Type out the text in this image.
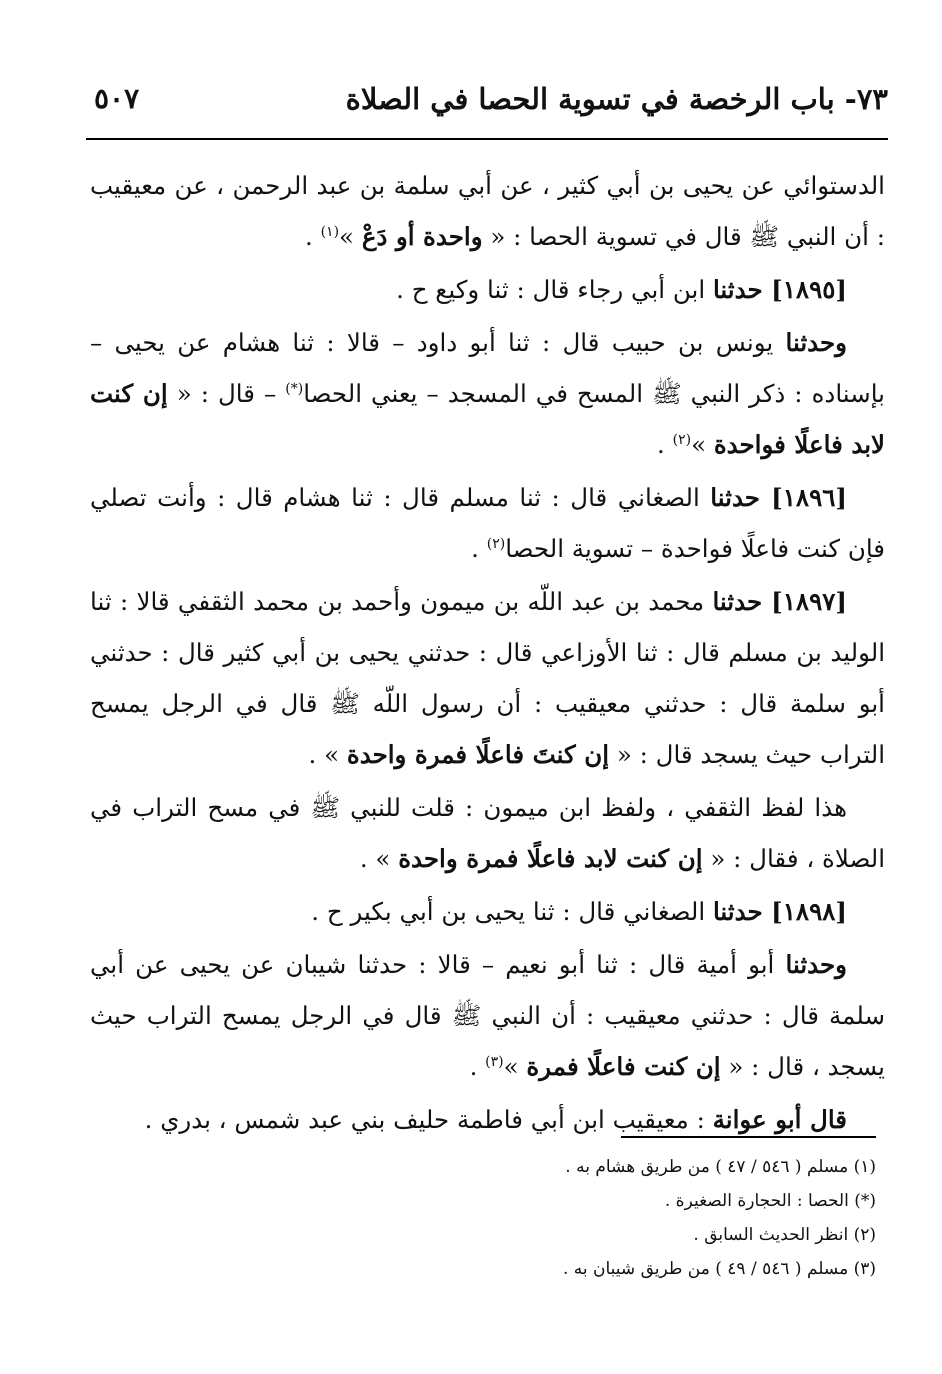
٧٣- باب الرخصة في تسوية الحصا في الصلاة
٥٠٧

الدستوائي عن يحيى بن أبي كثير ، عن أبي سلمة بن عبد الرحمن ، عن معيقيب : أن النبي ﷺ قال في تسوية الحصا : « واحدة أو دَعْ »$^{(١)}$ .

[١٨٩٥] حدثنا ابن أبي رجاء قال : ثنا وكيع ح .

وحدثنا يونس بن حبيب قال : ثنا أبو داود – قالا : ثنا هشام عن يحيى – بإسناده : ذكر النبي ﷺ المسح في المسجد – يعني الحصا(*) – قال : « إن كنت لابد فاعلًا فواحدة »$^{(٢)}$ .

[١٨٩٦] حدثنا الصغاني قال : ثنا مسلم قال : ثنا هشام قال : وأنت تصلي فإن كنت فاعلًا فواحدة – تسوية الحصا$^{(٢)}$ .

[١٨٩٧] حدثنا محمد بن عبد اللّه بن ميمون وأحمد بن محمد الثقفي قالا : ثنا الوليد بن مسلم قال : ثنا الأوزاعي قال : حدثني يحيى بن أبي كثير قال : حدثني أبو سلمة قال : حدثني معيقيب : أن رسول اللّه ﷺ قال في الرجل يمسح التراب حيث يسجد قال : « إن كنتَ فاعلًا فمرة واحدة » .

هذا لفظ الثقفي ، ولفظ ابن ميمون : قلت للنبي ﷺ في مسح التراب في الصلاة ، فقال : « إن كنت لابد فاعلًا فمرة واحدة » .

[١٨٩٨] حدثنا الصغاني قال : ثنا يحيى بن أبي بكير ح .

وحدثنا أبو أمية قال : ثنا أبو نعيم – قالا : حدثنا شيبان عن يحيى عن أبي سلمة قال : حدثني معيقيب : أن النبي ﷺ قال في الرجل يمسح التراب حيث يسجد ، قال : « إن كنت فاعلًا فمرة »$^{(٣)}$ .

قال أبو عوانة : معيقيب ابن أبي فاطمة حليف بني عبد شمس ، بدري .

(١) مسلم ( ٥٤٦ / ٤٧ ) من طريق هشام به .

(*) الحصا : الحجارة الصغيرة .

(٢) انظر الحديث السابق .

(٣) مسلم ( ٥٤٦ / ٤٩ ) من طريق شيبان به .
